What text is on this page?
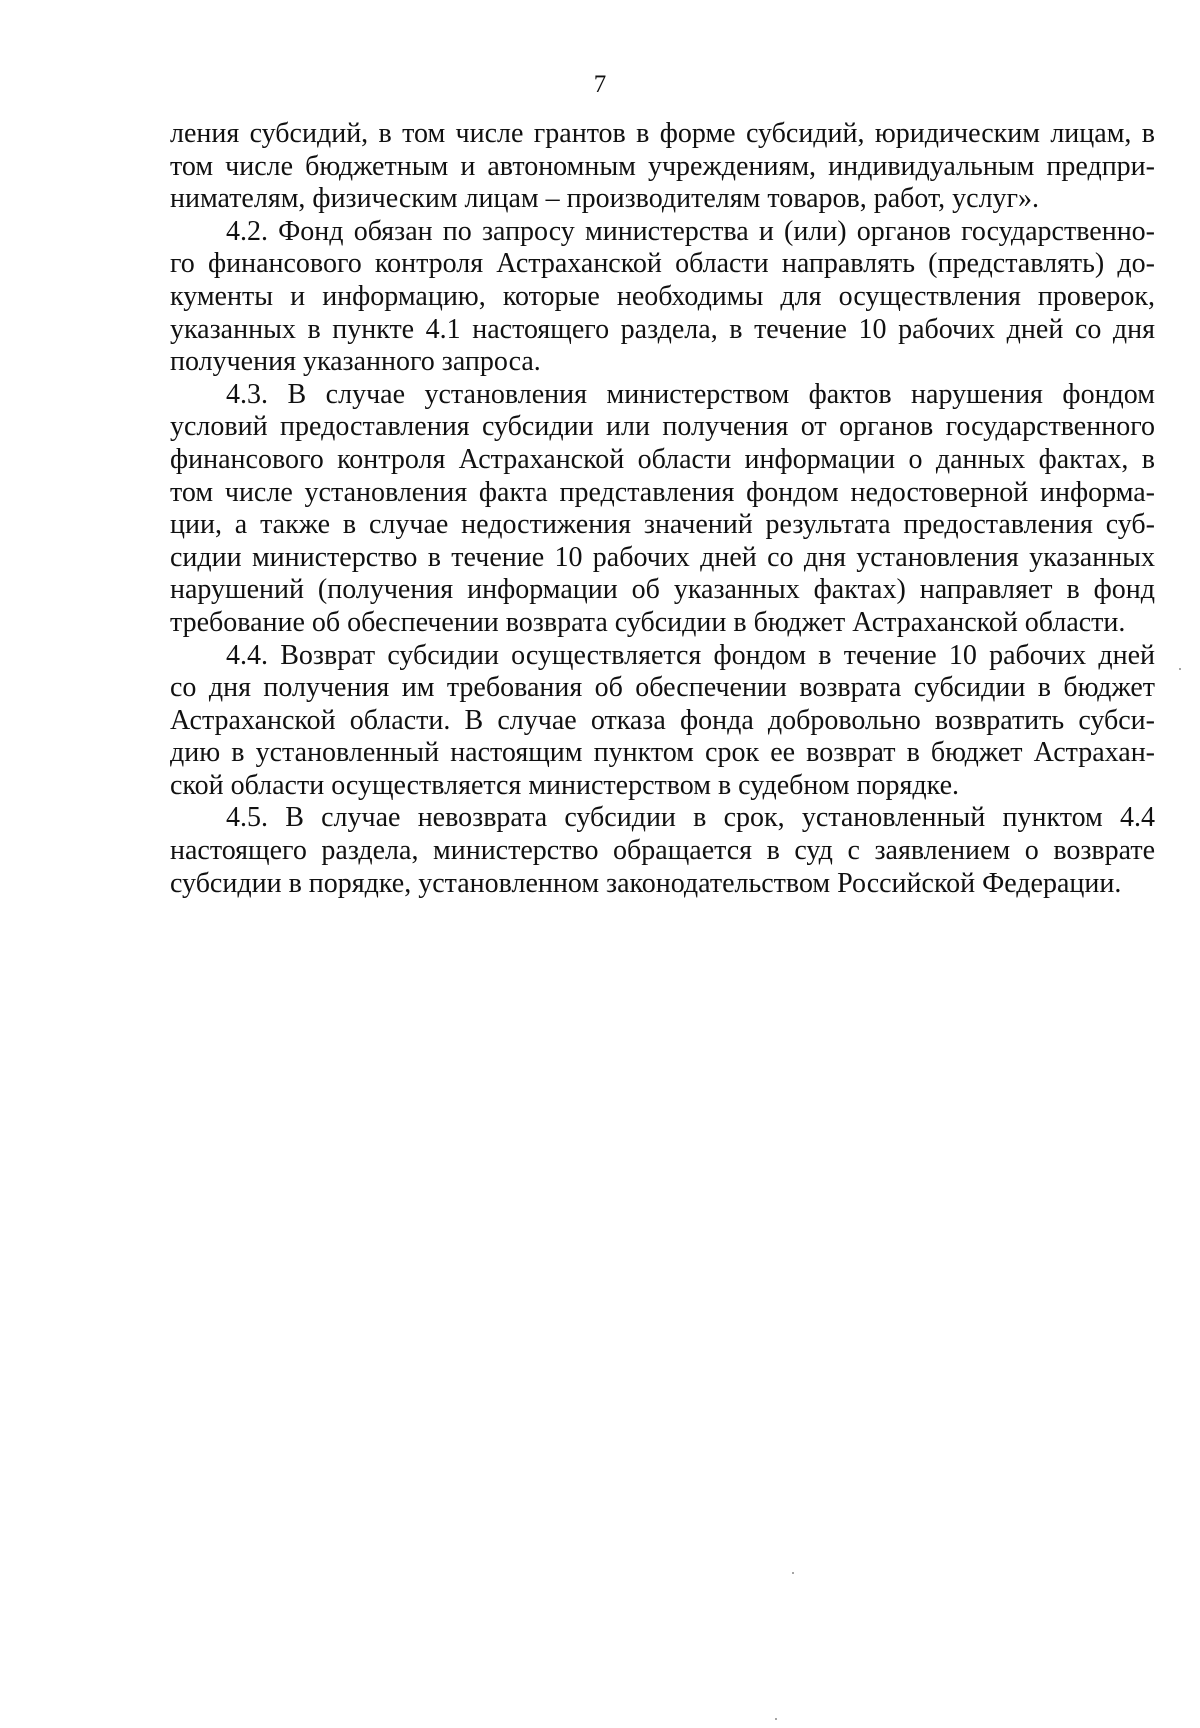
7
ления субсидий, в том числе грантов в форме субсидий, юридическим лицам, в
том числе бюджетным и автономным учреждениям, индивидуальным предпри-
нимателям, физическим лицам – производителям товаров, работ, услуг».
4.2. Фонд обязан по запросу министерства и (или) органов государственно-
го финансового контроля Астраханской области направлять (представлять) до-
кументы и информацию, которые необходимы для осуществления проверок,
указанных в пункте 4.1 настоящего раздела, в течение 10 рабочих дней со дня
получения указанного запроса.
4.3. В случае установления министерством фактов нарушения фондом
условий предоставления субсидии или получения от органов государственного
финансового контроля Астраханской области информации о данных фактах, в
том числе установления факта представления фондом недостоверной информа-
ции, а также в случае недостижения значений результата предоставления суб-
сидии министерство в течение 10 рабочих дней со дня установления указанных
нарушений (получения информации об указанных фактах) направляет в фонд
требование об обеспечении возврата субсидии в бюджет Астраханской области.
4.4. Возврат субсидии осуществляется фондом в течение 10 рабочих дней
со дня получения им требования об обеспечении возврата субсидии в бюджет
Астраханской области. В случае отказа фонда добровольно возвратить субси-
дию в установленный настоящим пунктом срок ее возврат в бюджет Астрахан-
ской области осуществляется министерством в судебном порядке.
4.5. В случае невозврата субсидии в срок, установленный пунктом 4.4
настоящего раздела, министерство обращается в суд с заявлением о возврате
субсидии в порядке, установленном законодательством Российской Федерации.
